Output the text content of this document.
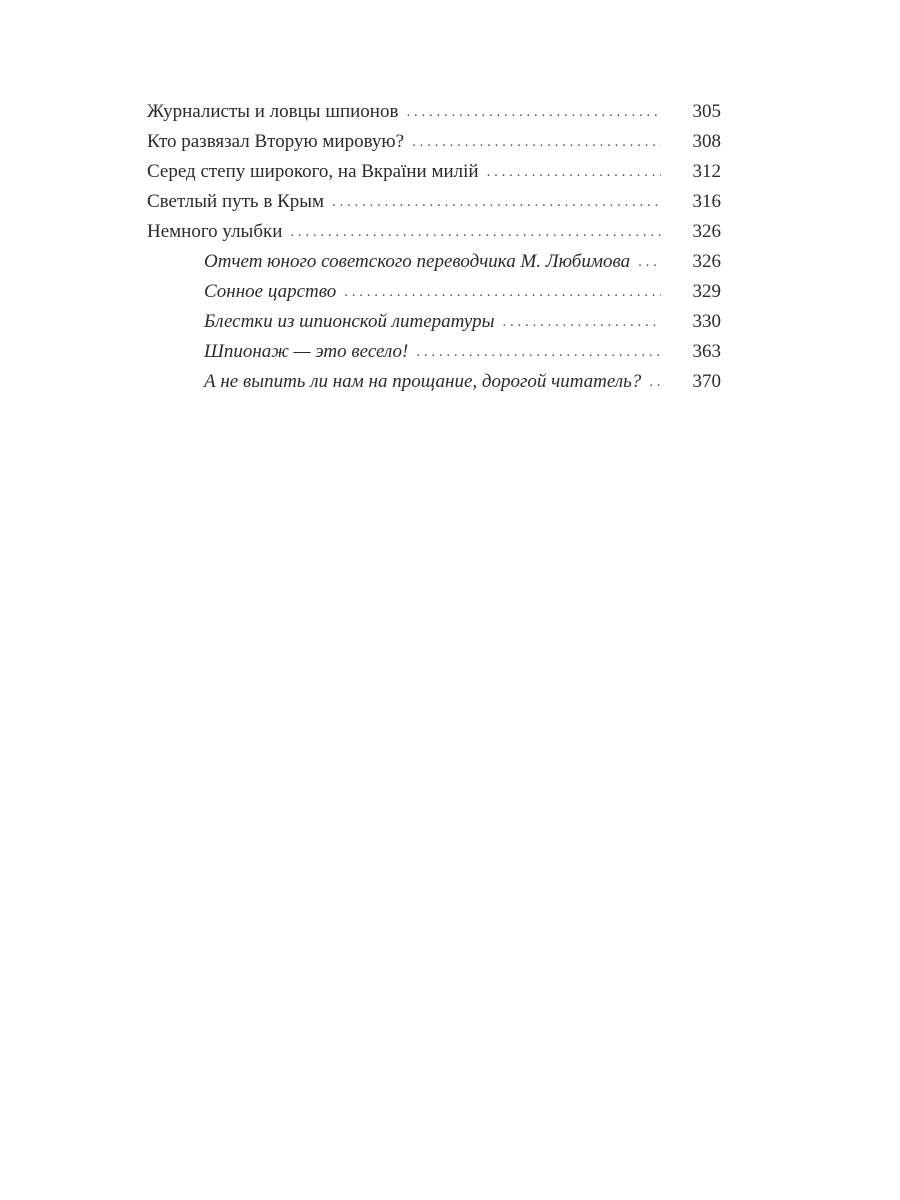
Журналисты и ловцы шпионов . . .	305
Кто развязал Вторую мировую? . . .	308
Серед степу широкого, на Вкраïни милiй . . .	312
Светлый путь в Крым . . .	316
Немного улыбки . . .	326
Отчет юного советского переводчика М. Любимова . . .	326
Сонное царство . . .	329
Блестки из шпионской литературы . . .	330
Шпионаж — это весело! . . .	363
А не выпить ли нам на прощание, дорогой читатель? . . .	370
